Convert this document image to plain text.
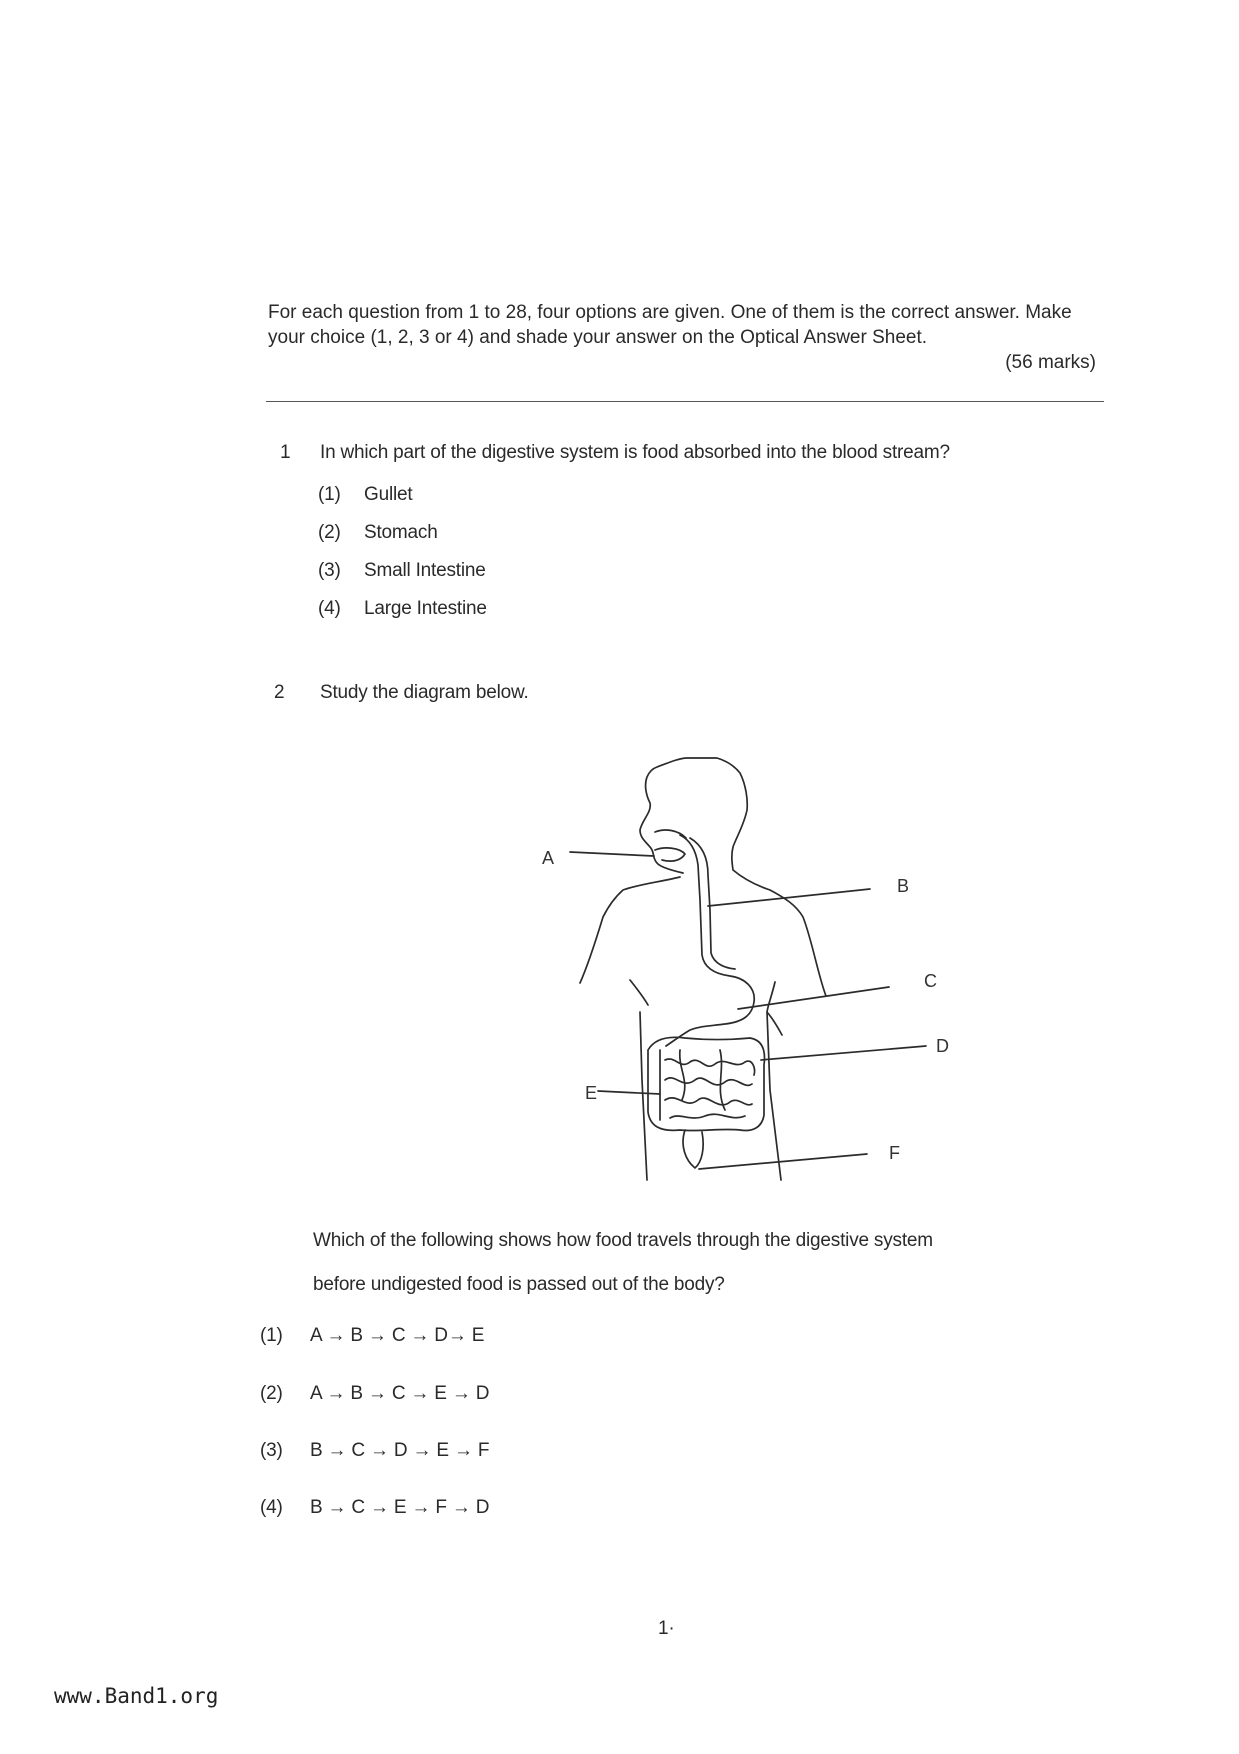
For each question from 1 to 28, four options are given. One of them is the correct answer. Make your choice (1, 2, 3 or 4) and shade your answer on the Optical Answer Sheet.
(56 marks)
1 In which part of the digestive system is food absorbed into the blood stream?
(1) Gullet
(2) Stomach
(3) Small Intestine
(4) Large Intestine
2 Study the diagram below.
A
B
C
D
E
F
Which of the following shows how food travels through the digestive system
before undigested food is passed out of the body?
(1) A → B → C → D→ E
(2) A → B → C → E → D
(3) B → C → D → E → F
(4) B → C → E → F → D
1·
www.Band1.org
